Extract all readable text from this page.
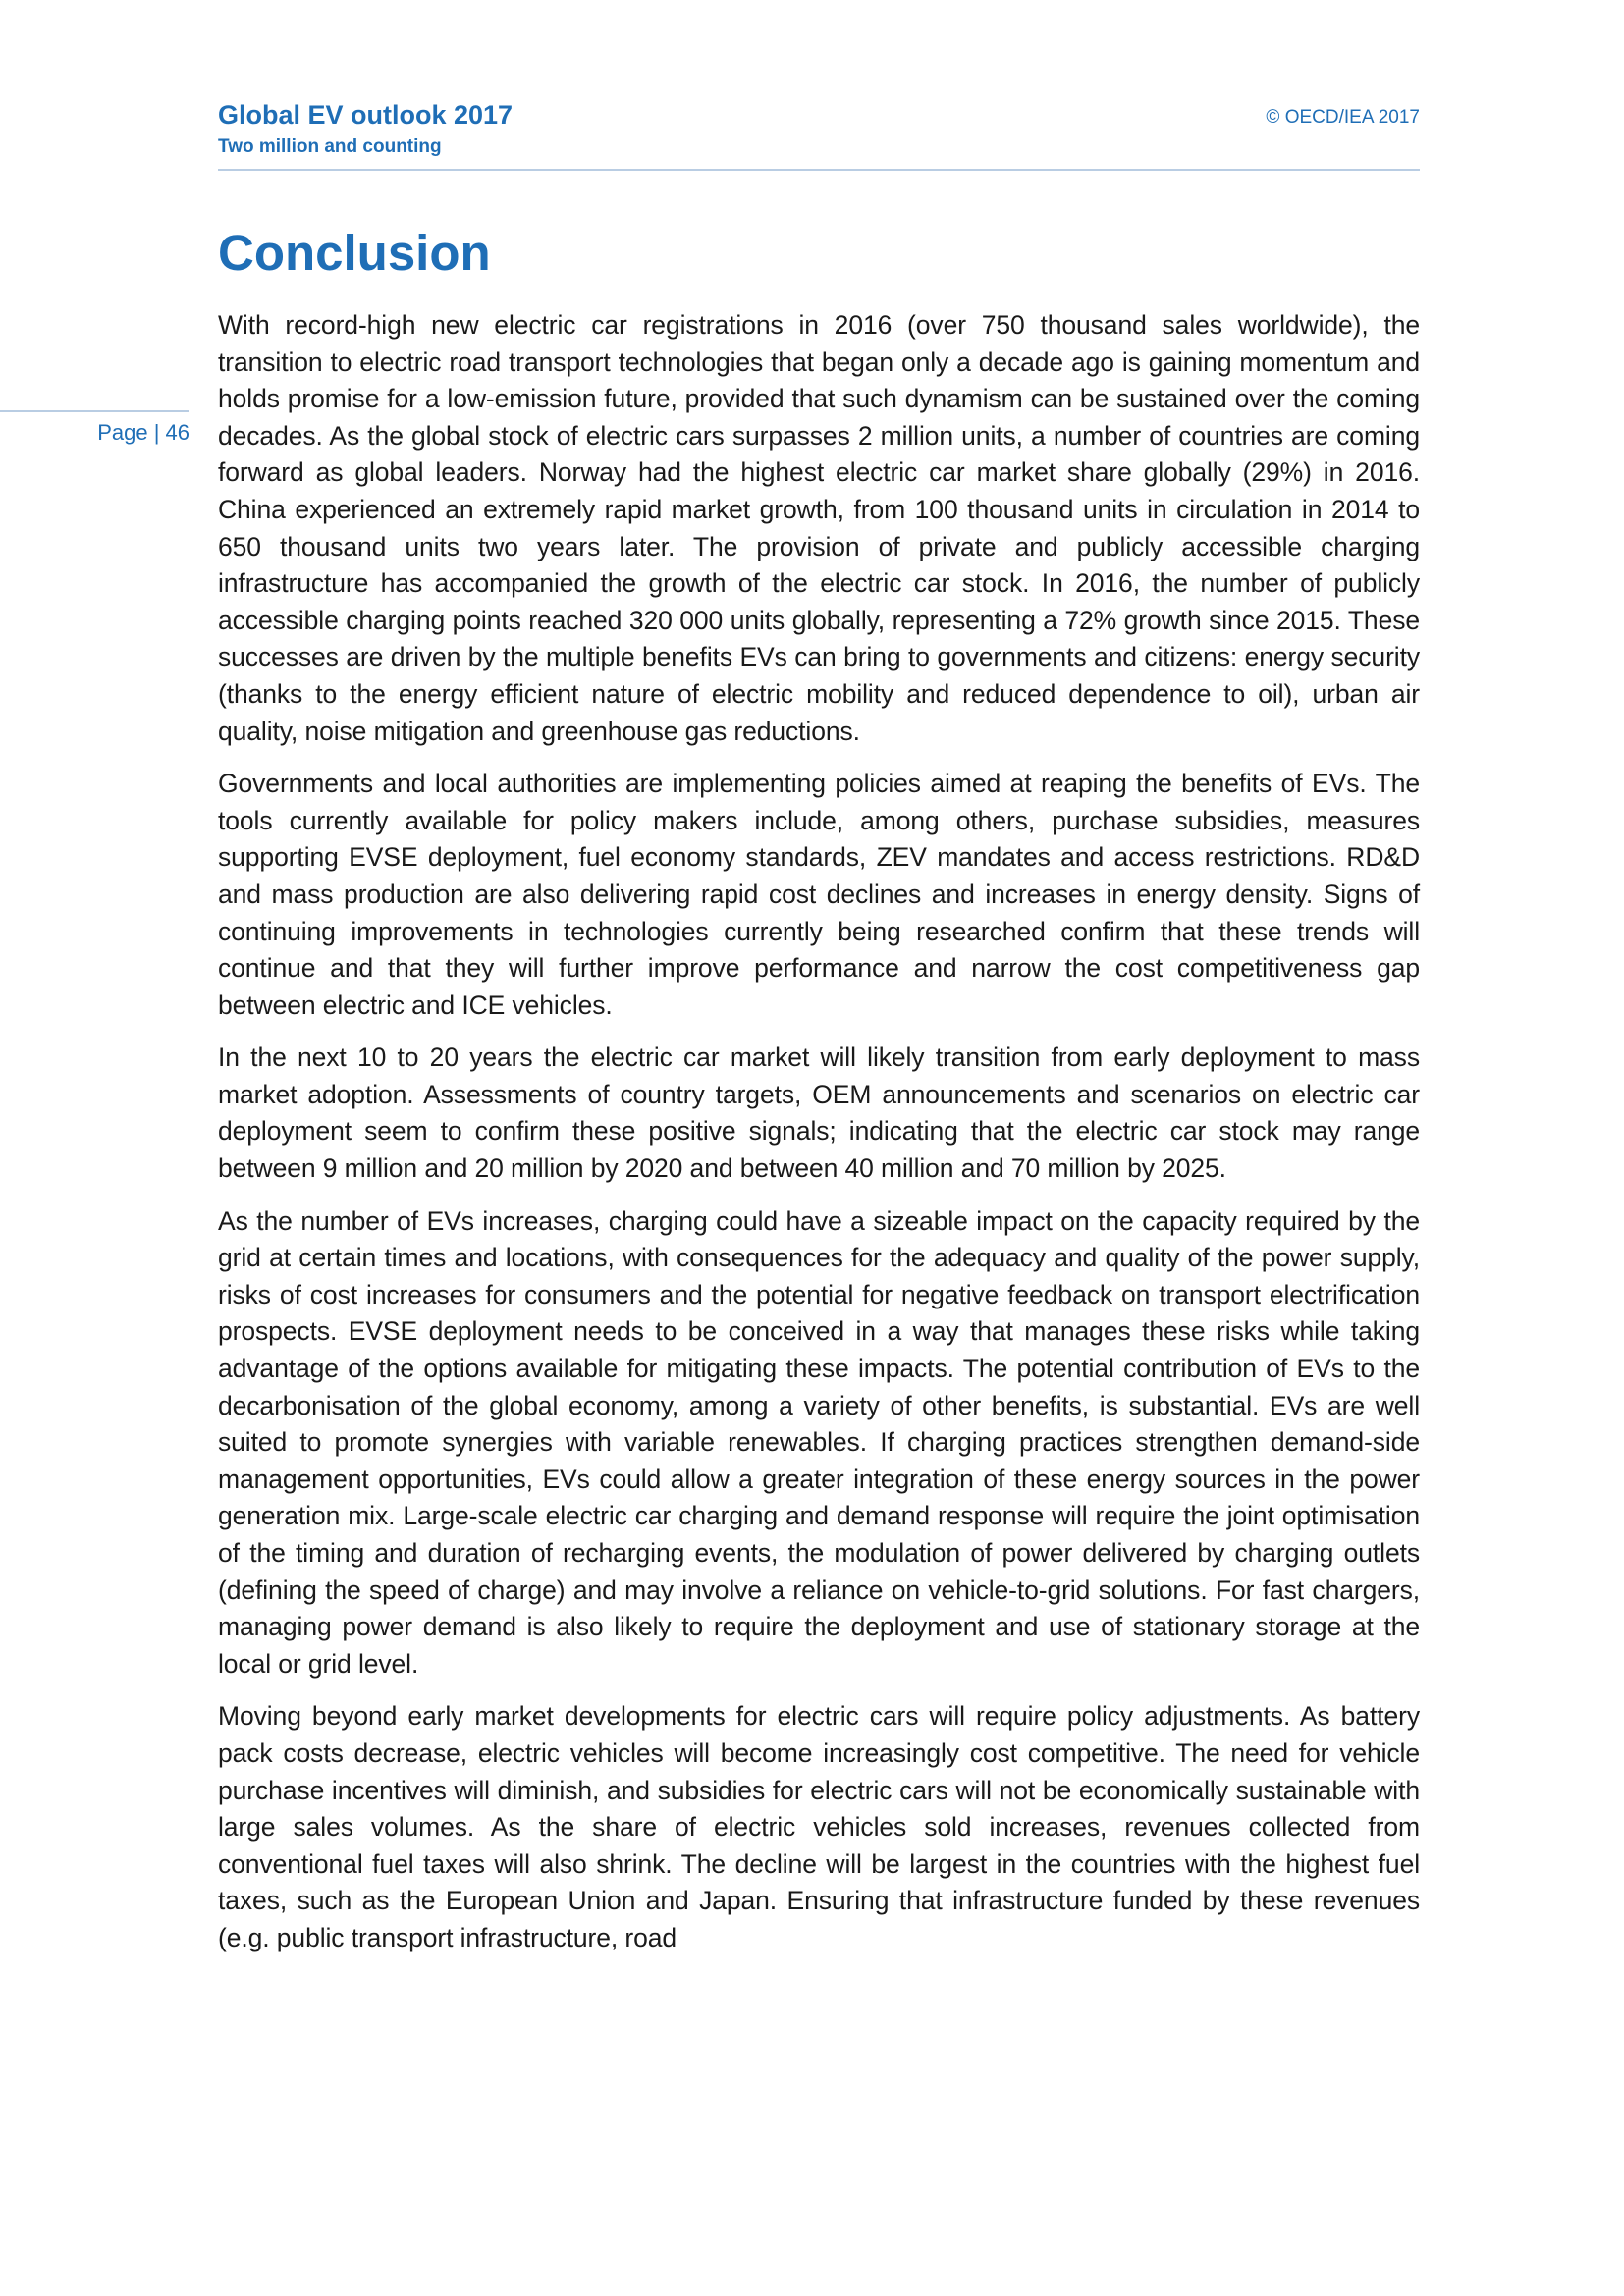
Global EV outlook 2017
Two million and counting
© OECD/IEA 2017
Page | 46
Conclusion

With record-high new electric car registrations in 2016 (over 750 thousand sales worldwide), the transition to electric road transport technologies that began only a decade ago is gaining momentum and holds promise for a low-emission future, provided that such dynamism can be sustained over the coming decades. As the global stock of electric cars surpasses 2 million units, a number of countries are coming forward as global leaders. Norway had the highest electric car market share globally (29%) in 2016. China experienced an extremely rapid market growth, from 100 thousand units in circulation in 2014 to 650 thousand units two years later. The provision of private and publicly accessible charging infrastructure has accompanied the growth of the electric car stock. In 2016, the number of publicly accessible charging points reached 320 000 units globally, representing a 72% growth since 2015. These successes are driven by the multiple benefits EVs can bring to governments and citizens: energy security (thanks to the energy efficient nature of electric mobility and reduced dependence to oil), urban air quality, noise mitigation and greenhouse gas reductions.

Governments and local authorities are implementing policies aimed at reaping the benefits of EVs. The tools currently available for policy makers include, among others, purchase subsidies, measures supporting EVSE deployment, fuel economy standards, ZEV mandates and access restrictions. RD&D and mass production are also delivering rapid cost declines and increases in energy density. Signs of continuing improvements in technologies currently being researched confirm that these trends will continue and that they will further improve performance and narrow the cost competitiveness gap between electric and ICE vehicles.

In the next 10 to 20 years the electric car market will likely transition from early deployment to mass market adoption. Assessments of country targets, OEM announcements and scenarios on electric car deployment seem to confirm these positive signals; indicating that the electric car stock may range between 9 million and 20 million by 2020 and between 40 million and 70 million by 2025.

As the number of EVs increases, charging could have a sizeable impact on the capacity required by the grid at certain times and locations, with consequences for the adequacy and quality of the power supply, risks of cost increases for consumers and the potential for negative feedback on transport electrification prospects. EVSE deployment needs to be conceived in a way that manages these risks while taking advantage of the options available for mitigating these impacts. The potential contribution of EVs to the decarbonisation of the global economy, among a variety of other benefits, is substantial. EVs are well suited to promote synergies with variable renewables. If charging practices strengthen demand-side management opportunities, EVs could allow a greater integration of these energy sources in the power generation mix. Large-scale electric car charging and demand response will require the joint optimisation of the timing and duration of recharging events, the modulation of power delivered by charging outlets (defining the speed of charge) and may involve a reliance on vehicle-to-grid solutions. For fast chargers, managing power demand is also likely to require the deployment and use of stationary storage at the local or grid level.

Moving beyond early market developments for electric cars will require policy adjustments. As battery pack costs decrease, electric vehicles will become increasingly cost competitive. The need for vehicle purchase incentives will diminish, and subsidies for electric cars will not be economically sustainable with large sales volumes. As the share of electric vehicles sold increases, revenues collected from conventional fuel taxes will also shrink. The decline will be largest in the countries with the highest fuel taxes, such as the European Union and Japan. Ensuring that infrastructure funded by these revenues (e.g. public transport infrastructure, road
